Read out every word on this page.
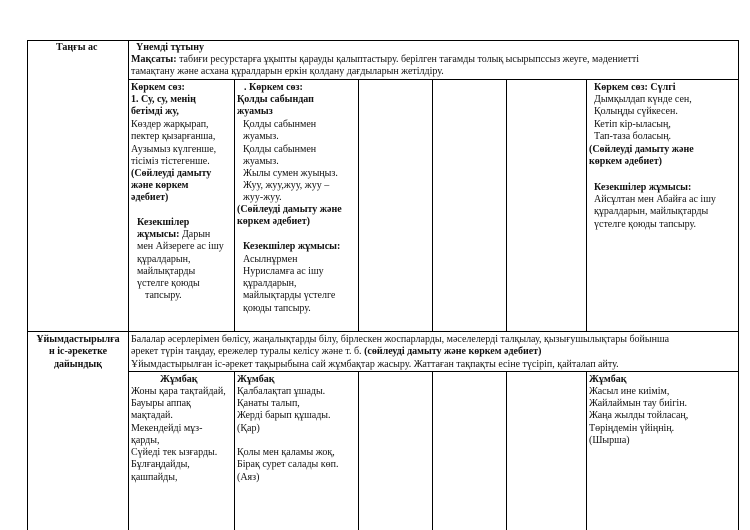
Таңғы ас	Үнемді тұтыну
Мақсаты: табиғи ресурстарға ұқыпты қарауды қалыптастыру. берілген тағамды толық ысырыпссыз жеуге, мәдениетті
тамақтану және асхана құралдарын еркін қолдану дағдыларын жетілдіру.
Көркем сөз:
1. Су, су, менің
бетімді жу,
Көздер жарқырап,
пектер қызарғанша,
Аузымыз күлгенше,
тісіміз тістегенше.
(Сөйлеуді дамыту
және көркем
әдебиет)
Кезекшілер
жұмысы: Дарын
мен Айзереге ас ішу
құралдарын,
майлықтарды
үстелге қоюды
тапсыру.
. Көркем сөз:
Қолды сабындап
жуамыз
Қолды сабынмен
жуамыз.
Қолды сабынмен
жуамыз.
Жылы сумен жуыңыз.
Жуу, жуу,жуу, жуу –
жуу-жуу.
(Сөйлеуді дамыту және
көркем әдебиет)
Кезекшілер жұмысы:
Асылнұрмен
Нурисламға ас ішу
құралдарын,
майлықтарды үстелге
қоюды тапсыру.
Көркем сөз: Сүлгі
Дымқылдап күнде сен,
Қолыңды сүйкесен.
Кетіп кір-ыласың,
Тап-таза боласың.
(Сөйлеуді дамыту және
көркем әдебиет)
Кезекшілер жұмысы:
Айсұлтан мен Абайға ас ішу
құралдарын, майлықтарды
үстелге қоюды тапсыру.
Ұйымдастырылға
н іс-әрекетке
дайындық
Балалар әсерлерімен бөлісу, жаңалықтарды білу, бірлескен жоспарларды, мәселелерді талқылау, қызығушылықтары бойынша
әрекет түрін таңдау, ережелер туралы келісу және т. б. (сөйлеуді дамыту және көркем әдебиет)
Ұйымдастырылған іс-әрекет тақырыбына сай жұмбақтар жасыру. Жаттаған тақпақты есіне түсіріп, қайталап айту.
Жұмбақ
Жоны қара тақтайдай,
Бауыры аппақ
мақтадай.
Мекендейді мұз-
қарды,
Сүйеді тек ызғарды.
Бұлғаңдайды,
қашпайды,
Жұмбақ
Қалбалақтап ұшады.
Қанаты талып,
Жерді барып құшады.
(Қар)
Қолы мен қаламы жоқ,
Бірақ сурет салады көп.
(Аяз)
Жұмбақ
Жасыл ине киімім,
Жайлаймын тау биігін.
Жаңа жылды тойласаң,
Төріңдемін үйіңнің.
(Шырша)
